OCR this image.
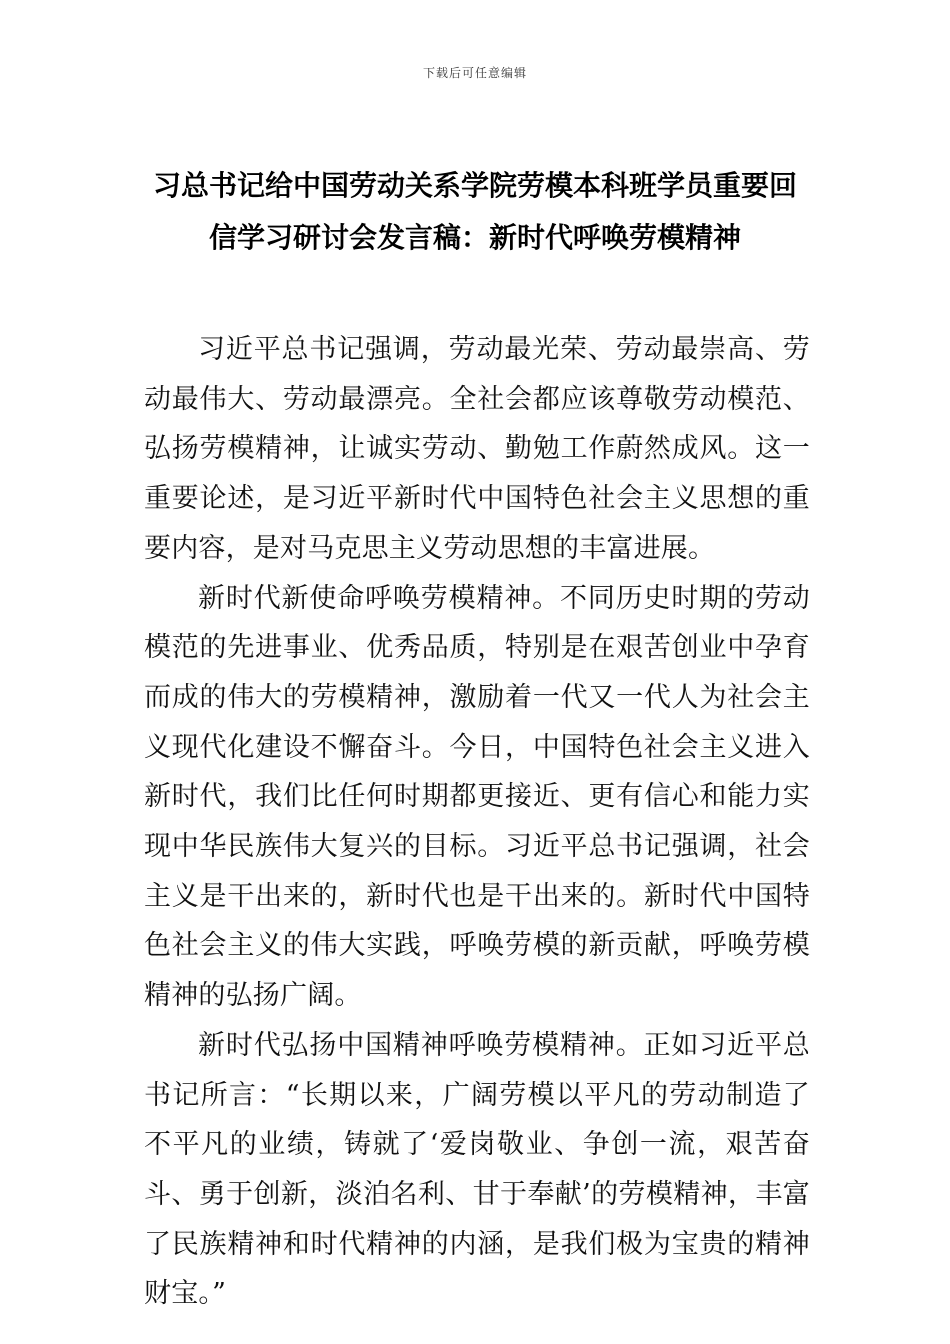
下载后可任意编辑
习总书记给中国劳动关系学院劳模本科班学员重要回
信学习研讨会发言稿：新时代呼唤劳模精神

习近平总书记强调，劳动最光荣、劳动最崇高、劳动最伟大、劳动最漂亮。全社会都应该尊敬劳动模范、弘扬劳模精神，让诚实劳动、勤勉工作蔚然成风。这一重要论述，是习近平新时代中国特色社会主义思想的重要内容，是对马克思主义劳动思想的丰富进展。

新时代新使命呼唤劳模精神。不同历史时期的劳动模范的先进事业、优秀品质，特别是在艰苦创业中孕育而成的伟大的劳模精神，激励着一代又一代人为社会主义现代化建设不懈奋斗。今日，中国特色社会主义进入新时代，我们比任何时期都更接近、更有信心和能力实现中华民族伟大复兴的目标。习近平总书记强调，社会主义是干出来的，新时代也是干出来的。新时代中国特色社会主义的伟大实践，呼唤劳模的新贡献，呼唤劳模精神的弘扬广阔。

新时代弘扬中国精神呼唤劳模精神。正如习近平总书记所言：“长期以来，广阔劳模以平凡的劳动制造了不平凡的业绩，铸就了‘爱岗敬业、争创一流，艰苦奋斗、勇于创新，淡泊名利、甘于奉献’的劳模精神，丰富了民族精神和时代精神的内涵，是我们极为宝贵的精神财宝。”
